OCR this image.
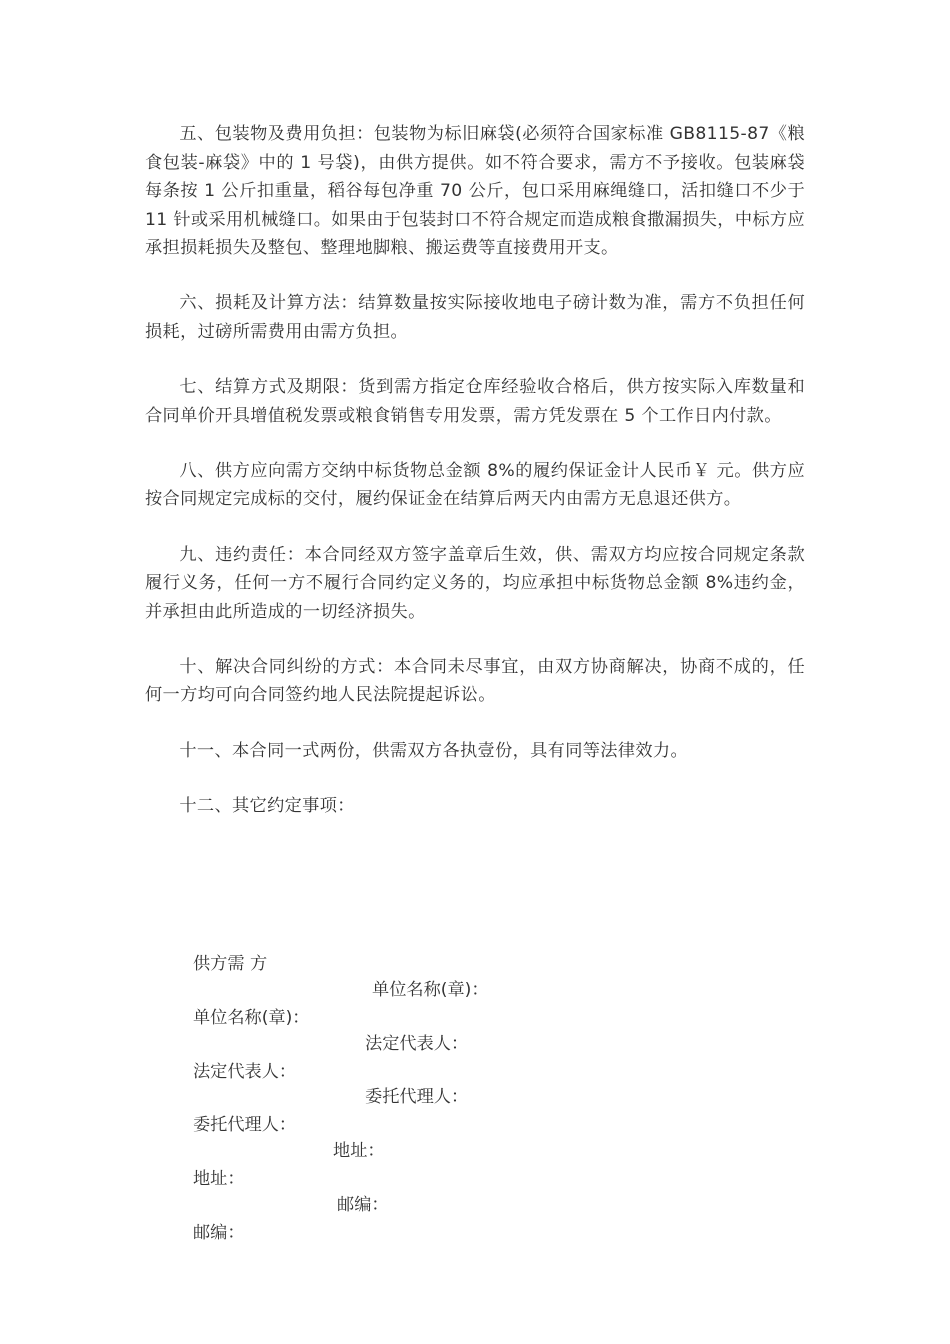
五、包装物及费用负担：包装物为标旧麻袋(必须符合国家标准 GB8115-87《粮食包装-麻袋》中的 1 号袋)，由供方提供。如不符合要求，需方不予接收。包装麻袋每条按 1 公斤扣重量，稻谷每包净重 70 公斤，包口采用麻绳缝口，活扣缝口不少于 11 针或采用机械缝口。如果由于包装封口不符合规定而造成粮食撒漏损失，中标方应承担损耗损失及整包、整理地脚粮、搬运费等直接费用开支。

六、损耗及计算方法：结算数量按实际接收地电子磅计数为准，需方不负担任何损耗，过磅所需费用由需方负担。

七、结算方式及期限：货到需方指定仓库经验收合格后，供方按实际入库数量和合同单价开具增值税发票或粮食销售专用发票，需方凭发票在 5 个工作日内付款。

八、供方应向需方交纳中标货物总金额 8%的履约保证金计人民币￥ 元。供方应按合同规定完成标的交付，履约保证金在结算后两天内由需方无息退还供方。

九、违约责任：本合同经双方签字盖章后生效，供、需双方均应按合同规定条款履行义务，任何一方不履行合同约定义务的，均应承担中标货物总金额 8%违约金，并承担由此所造成的一切经济损失。

十、解决合同纠纷的方式：本合同未尽事宜，由双方协商解决，协商不成的，任何一方均可向合同签约地人民法院提起诉讼。

十一、本合同一式两份，供需双方各执壹份，具有同等法律效力。

十二、其它约定事项：

供方需 方

单位名称(章)：

单位名称(章)：

法定代表人：

法定代表人：

委托代理人：

委托代理人：

地址：

地址：

邮编：

邮编：
